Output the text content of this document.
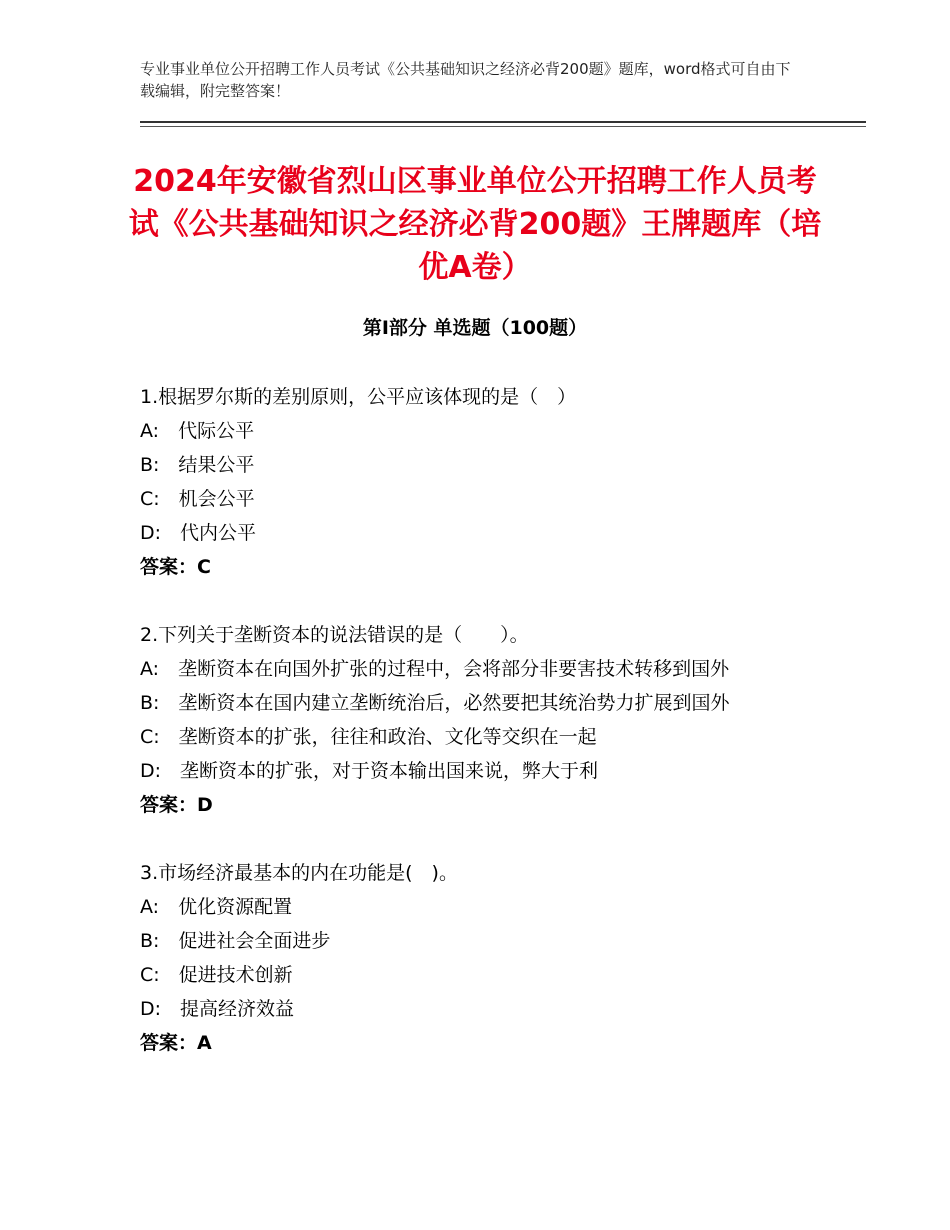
专业事业单位公开招聘工作人员考试《公共基础知识之经济必背200题》题库，word格式可自由下载编辑，附完整答案！
2024年安徽省烈山区事业单位公开招聘工作人员考试《公共基础知识之经济必背200题》王牌题库（培优A卷）
第Ⅰ部分 单选题（100题）
1.根据罗尔斯的差别原则，公平应该体现的是（　）
A:　代际公平
B:　结果公平
C:　机会公平
D:　代内公平
答案：C
2.下列关于垄断资本的说法错误的是（　　）。
A:　垄断资本在向国外扩张的过程中，会将部分非要害技术转移到国外
B:　垄断资本在国内建立垄断统治后，必然要把其统治势力扩展到国外
C:　垄断资本的扩张，往往和政治、文化等交织在一起
D:　垄断资本的扩张，对于资本输出国来说，弊大于利
答案：D
3.市场经济最基本的内在功能是(　)。
A:　优化资源配置
B:　促进社会全面进步
C:　促进技术创新
D:　提高经济效益
答案：A
